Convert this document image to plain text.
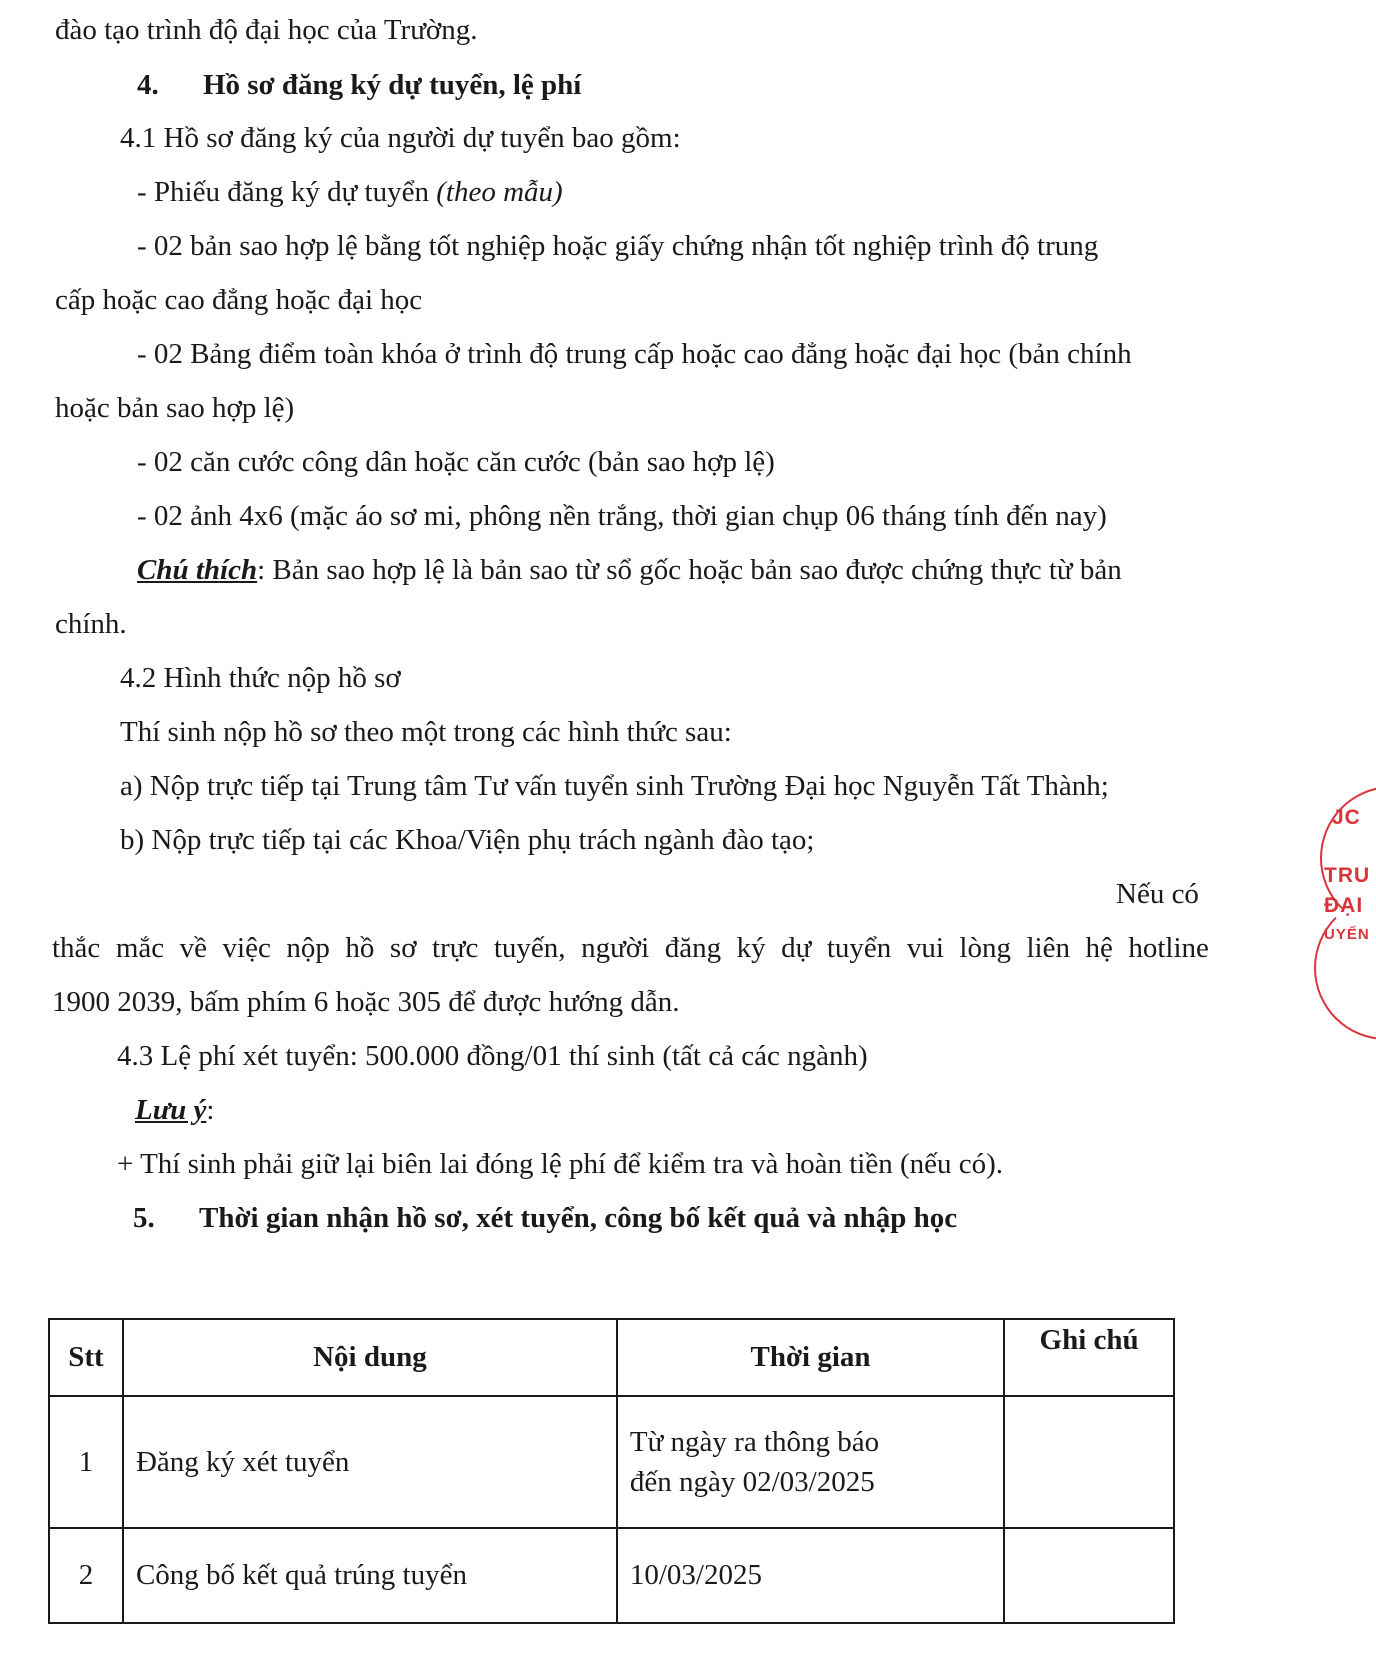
đào tạo trình độ đại học của Trường.
4. Hồ sơ đăng ký dự tuyển, lệ phí
4.1 Hồ sơ đăng ký của người dự tuyển bao gồm:
- Phiếu đăng ký dự tuyển (theo mẫu)
- 02 bản sao hợp lệ bằng tốt nghiệp hoặc giấy chứng nhận tốt nghiệp trình độ trung
cấp hoặc cao đẳng hoặc đại học
- 02 Bảng điểm toàn khóa ở trình độ trung cấp hoặc cao đẳng hoặc đại học (bản chính
hoặc bản sao hợp lệ)
- 02 căn cước công dân hoặc căn cước (bản sao hợp lệ)
- 02 ảnh 4x6 (mặc áo sơ mi, phông nền trắng, thời gian chụp 06 tháng tính đến nay)
Chú thích: Bản sao hợp lệ là bản sao từ sổ gốc hoặc bản sao được chứng thực từ bản
chính.
4.2 Hình thức nộp hồ sơ
Thí sinh nộp hồ sơ theo một trong các hình thức sau:
a) Nộp trực tiếp tại Trung tâm Tư vấn tuyển sinh Trường Đại học Nguyễn Tất Thành;
b) Nộp trực tiếp tại các Khoa/Viện phụ trách ngành đào tạo;
Nếu có
thắc mắc về việc nộp hồ sơ trực tuyến, người đăng ký dự tuyển vui lòng liên hệ hotline
1900 2039, bấm phím 6 hoặc 305 để được hướng dẫn.
4.3 Lệ phí xét tuyển: 500.000 đồng/01 thí sinh (tất cả các ngành)
Lưu ý:
+ Thí sinh phải giữ lại biên lai đóng lệ phí để kiểm tra và hoàn tiền (nếu có).
5. Thời gian nhận hồ sơ, xét tuyển, công bố kết quả và nhập học
Stt	Nội dung	Thời gian	Ghi chú
1	Đăng ký xét tuyển	Từ ngày ra thông báo
đến ngày 02/03/2025	

2	Công bố kết quả trúng tuyển	10/03/2025	
JC
TRU
ĐẠI
UYẾN
